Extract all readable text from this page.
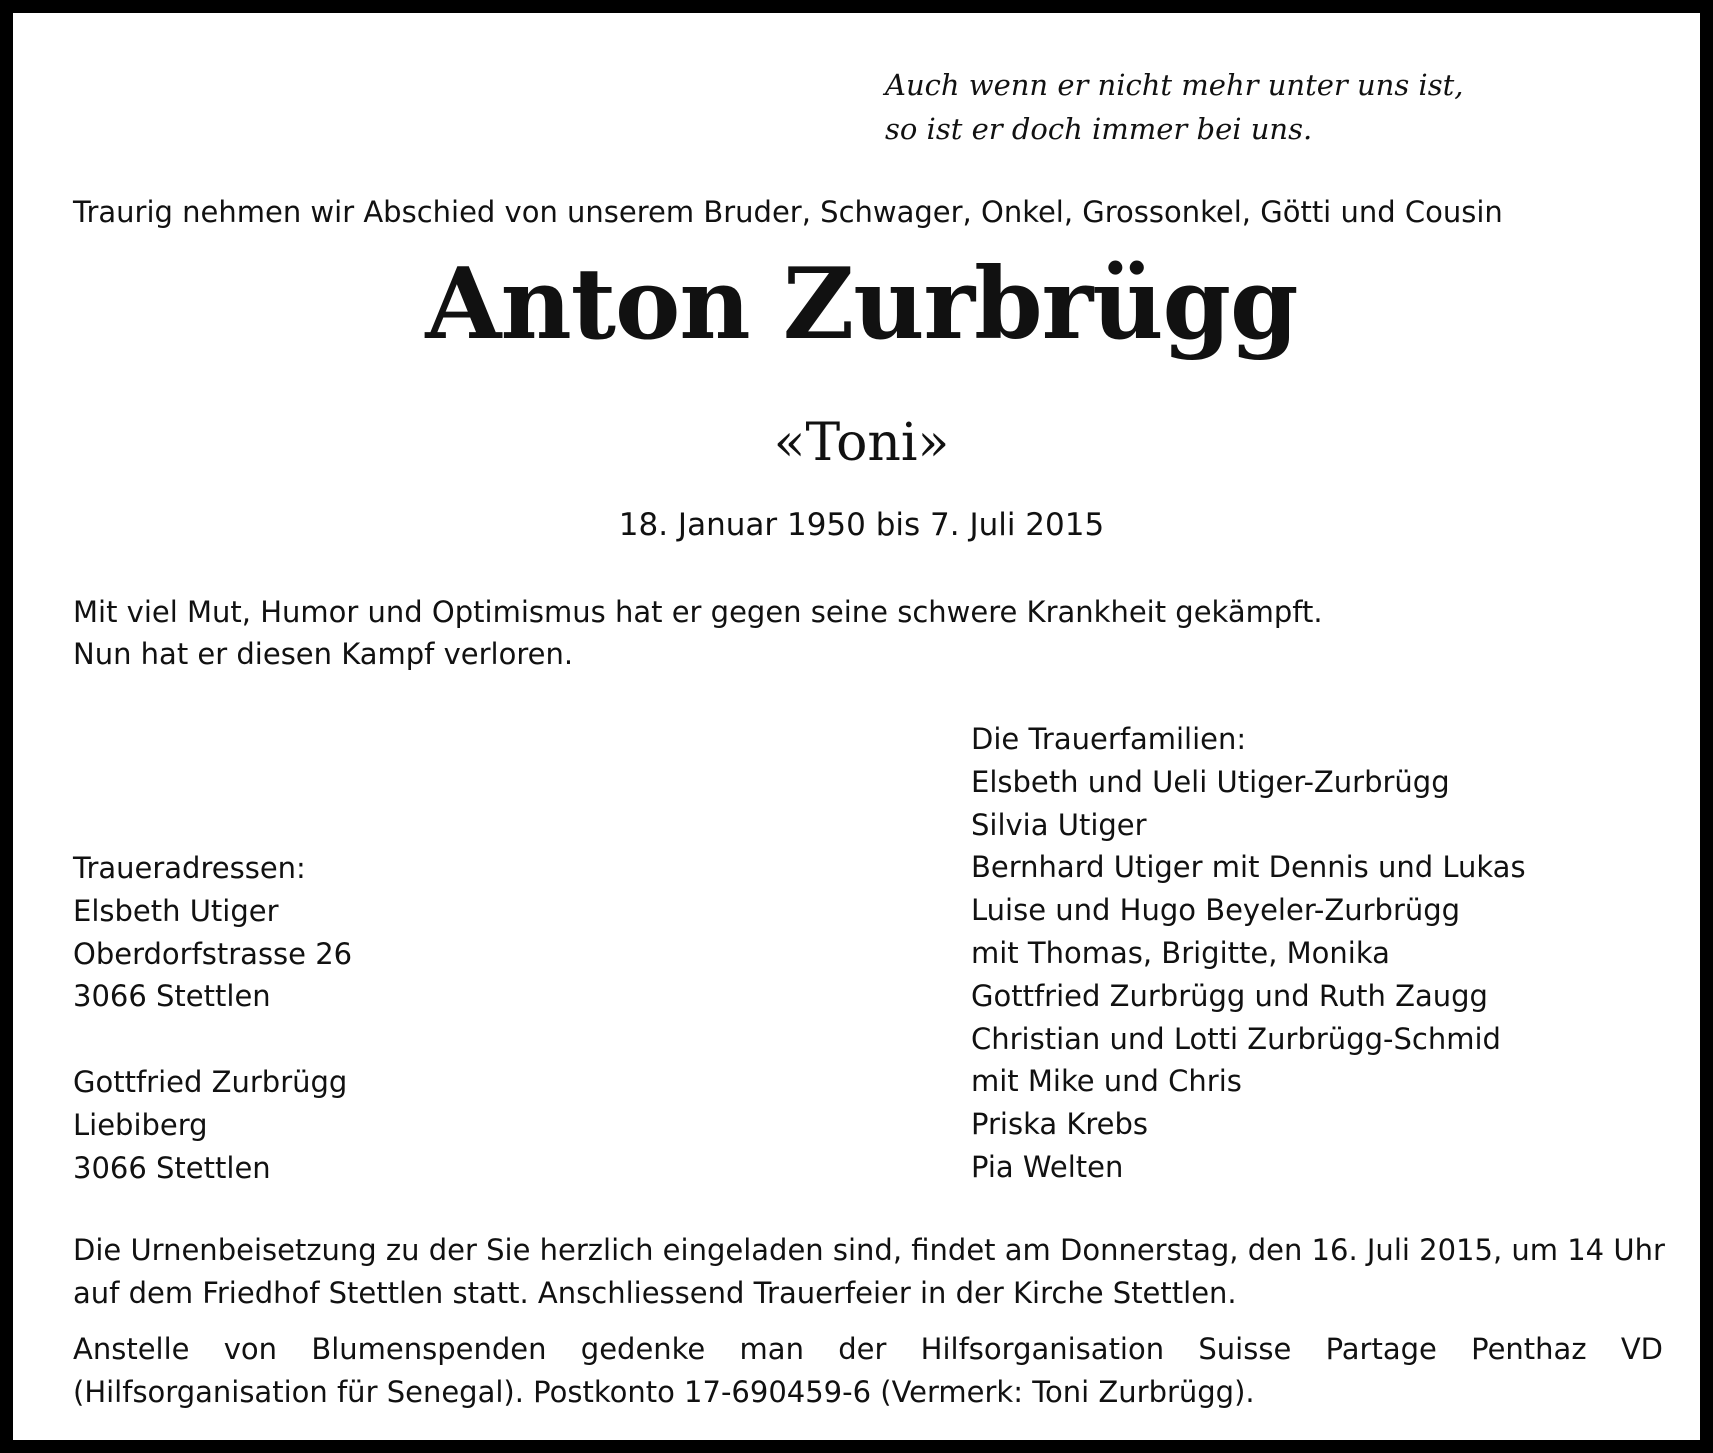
Auch wenn er nicht mehr unter uns ist,
so ist er doch immer bei uns.

Traurig nehmen wir Abschied von unserem Bruder, Schwager, Onkel, Grossonkel, Götti und Cousin

Anton Zurbrügg
«Toni»
18. Januar 1950 bis 7. Juli 2015
Mit viel Mut, Humor und Optimismus hat er gegen seine schwere Krankheit gekämpft.
Nun hat er diesen Kampf verloren.
Die Trauerfamilien:
Elsbeth und Ueli Utiger-Zurbrügg
Silvia Utiger
Bernhard Utiger mit Dennis und Lukas
Luise und Hugo Beyeler-Zurbrügg
mit Thomas, Brigitte, Monika
Gottfried Zurbrügg und Ruth Zaugg
Christian und Lotti Zurbrügg-Schmid
mit Mike und Chris
Priska Krebs
Pia Welten
Traueradressen:
Elsbeth Utiger
Oberdorfstrasse 26
3066 Stettlen
Gottfried Zurbrügg
Liebiberg
3066 Stettlen
Die Urnenbeisetzung zu der Sie herzlich eingeladen sind, findet am Donnerstag, den 16. Juli 2015, um 14 Uhr
auf dem Friedhof Stettlen statt. Anschliessend Trauerfeier in der Kirche Stettlen.
Anstelle von Blumenspenden gedenke man der Hilfsorganisation Suisse Partage Penthaz VD
(Hilfsorganisation für Senegal). Postkonto 17-690459-6 (Vermerk: Toni Zurbrügg).
